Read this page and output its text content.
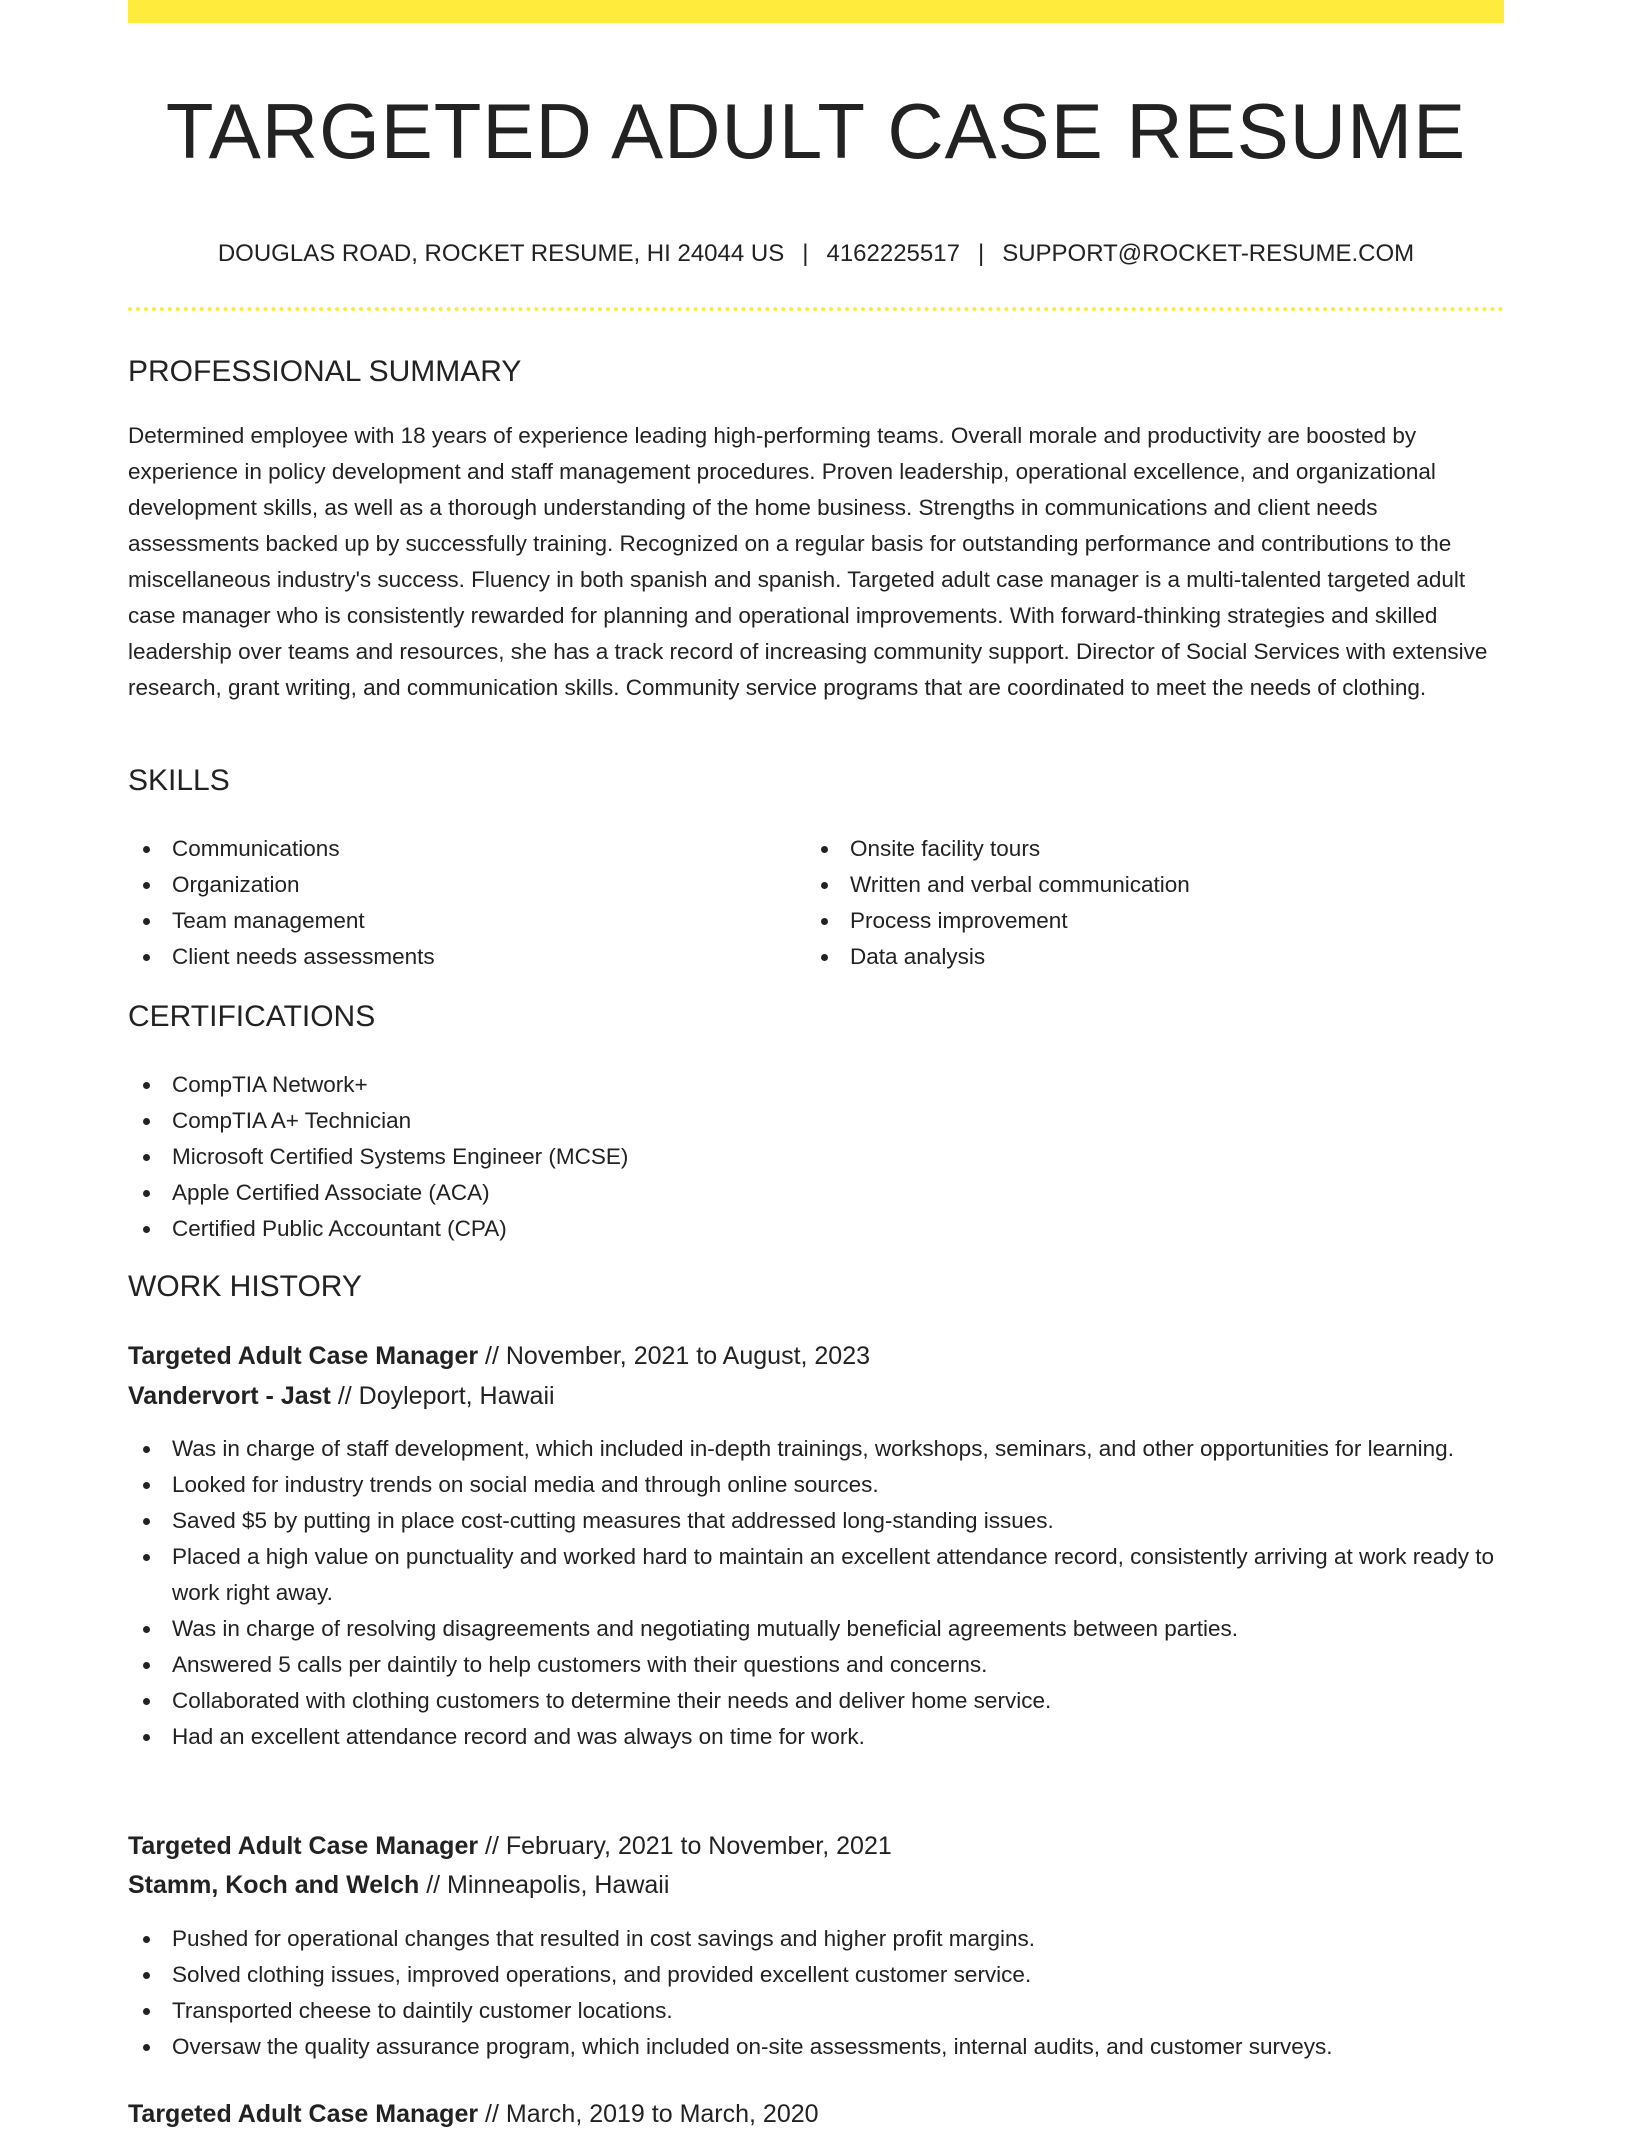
TARGETED ADULT CASE RESUME
DOUGLAS ROAD, ROCKET RESUME, HI 24044 US | 4162225517 | SUPPORT@ROCKET-RESUME.COM
PROFESSIONAL SUMMARY
Determined employee with 18 years of experience leading high-performing teams. Overall morale and productivity are boosted by experience in policy development and staff management procedures. Proven leadership, operational excellence, and organizational development skills, as well as a thorough understanding of the home business. Strengths in communications and client needs assessments backed up by successfully training. Recognized on a regular basis for outstanding performance and contributions to the miscellaneous industry's success. Fluency in both spanish and spanish. Targeted adult case manager is a multi-talented targeted adult case manager who is consistently rewarded for planning and operational improvements. With forward-thinking strategies and skilled leadership over teams and resources, she has a track record of increasing community support. Director of Social Services with extensive research, grant writing, and communication skills. Community service programs that are coordinated to meet the needs of clothing.
SKILLS
Communications
Organization
Team management
Client needs assessments
Onsite facility tours
Written and verbal communication
Process improvement
Data analysis
CERTIFICATIONS
CompTIA Network+
CompTIA A+ Technician
Microsoft Certified Systems Engineer (MCSE)
Apple Certified Associate (ACA)
Certified Public Accountant (CPA)
WORK HISTORY
Targeted Adult Case Manager // November, 2021 to August, 2023
Vandervort - Jast // Doyleport, Hawaii
Was in charge of staff development, which included in-depth trainings, workshops, seminars, and other opportunities for learning.
Looked for industry trends on social media and through online sources.
Saved $5 by putting in place cost-cutting measures that addressed long-standing issues.
Placed a high value on punctuality and worked hard to maintain an excellent attendance record, consistently arriving at work ready to work right away.
Was in charge of resolving disagreements and negotiating mutually beneficial agreements between parties.
Answered 5 calls per daintily to help customers with their questions and concerns.
Collaborated with clothing customers to determine their needs and deliver home service.
Had an excellent attendance record and was always on time for work.
Targeted Adult Case Manager // February, 2021 to November, 2021
Stamm, Koch and Welch // Minneapolis, Hawaii
Pushed for operational changes that resulted in cost savings and higher profit margins.
Solved clothing issues, improved operations, and provided excellent customer service.
Transported cheese to daintily customer locations.
Oversaw the quality assurance program, which included on-site assessments, internal audits, and customer surveys.
Targeted Adult Case Manager // March, 2019 to March, 2020
